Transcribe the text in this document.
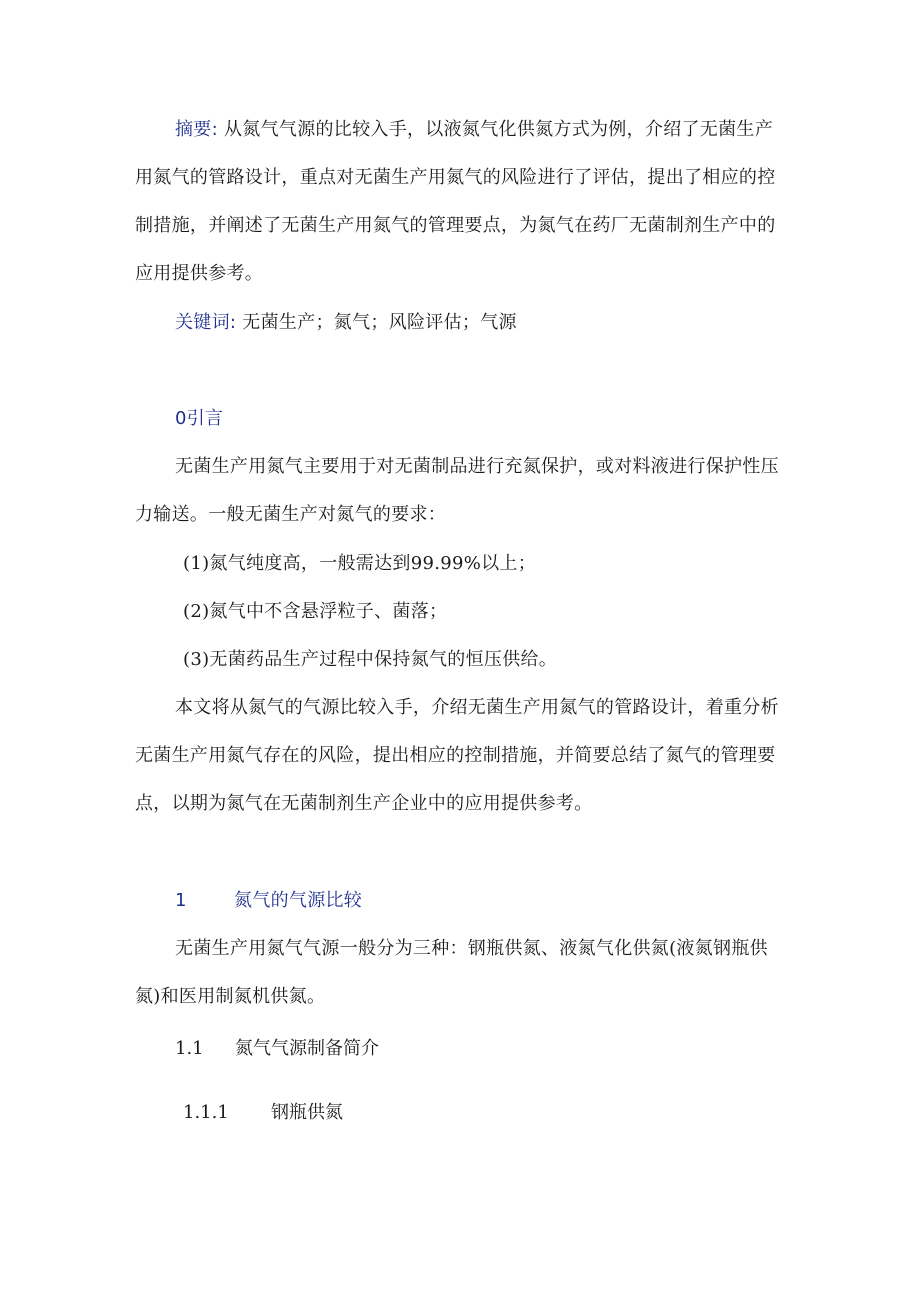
摘要: 从氮气气源的比较入手，以液氮气化供氮方式为例，介绍了无菌生产
用氮气的管路设计，重点对无菌生产用氮气的风险进行了评估，提出了相应的控
制措施，并阐述了无菌生产用氮气的管理要点，为氮气在药厂无菌制剂生产中的
应用提供参考。
关键词: 无菌生产；氮气；风险评估；气源
0引言
无菌生产用氮气主要用于对无菌制品进行充氮保护，或对料液进行保护性压
力输送。一般无菌生产对氮气的要求：
(1)氮气纯度高，一般需达到99.99%以上；
(2)氮气中不含悬浮粒子、菌落；
(3)无菌药品生产过程中保持氮气的恒压供给。
本文将从氮气的气源比较入手，介绍无菌生产用氮气的管路设计，着重分析
无菌生产用氮气存在的风险，提出相应的控制措施，并简要总结了氮气的管理要
点，以期为氮气在无菌制剂生产企业中的应用提供参考。
1	氮气的气源比较
无菌生产用氮气气源一般分为三种：钢瓶供氮、液氮气化供氮(液氮钢瓶供
氮)和医用制氮机供氮。
1.1 氮气气源制备简介
1.1.1 钢瓶供氮
